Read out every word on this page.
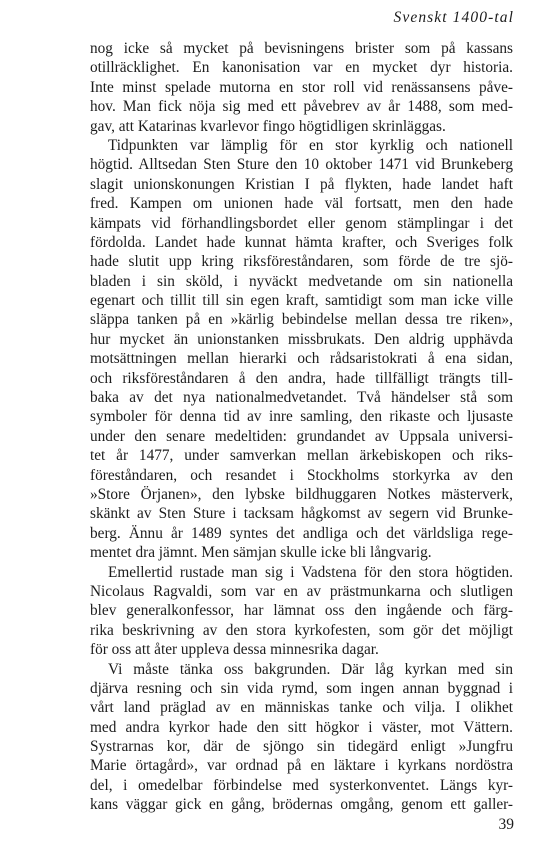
Svenskt 1400-tal
nog icke så mycket på bevisningens brister som på kassans
otillräcklighet. En kanonisation var en mycket dyr historia.
Inte minst spelade mutorna en stor roll vid renässansens påve-
hov. Man fick nöja sig med ett påvebrev av år 1488, som med-
gav, att Katarinas kvarlevor fingo högtidligen skrinläggas.
Tidpunkten var lämplig för en stor kyrklig och nationell
högtid. Alltsedan Sten Sture den 10 oktober 1471 vid Brunkeberg
slagit unionskonungen Kristian I på flykten, hade landet haft
fred. Kampen om unionen hade väl fortsatt, men den hade
kämpats vid förhandlingsbordet eller genom stämplingar i det
fördolda. Landet hade kunnat hämta krafter, och Sveriges folk
hade slutit upp kring riksföreståndaren, som förde de tre sjö-
bladen i sin sköld, i nyväckt medvetande om sin nationella
egenart och tillit till sin egen kraft, samtidigt som man icke ville
släppa tanken på en »kärlig bebindelse mellan dessa tre riken»,
hur mycket än unionstanken missbrukats. Den aldrig upphävda
motsättningen mellan hierarki och rådsaristokrati å ena sidan,
och riksföreståndaren å den andra, hade tillfälligt trängts till-
baka av det nya nationalmedvetandet. Två händelser stå som
symboler för denna tid av inre samling, den rikaste och ljusaste
under den senare medeltiden: grundandet av Uppsala universi-
tet år 1477, under samverkan mellan ärkebiskopen och riks-
föreståndaren, och resandet i Stockholms storkyrka av den
»Store Örjanen», den lybske bildhuggaren Notkes mästerverk,
skänkt av Sten Sture i tacksam hågkomst av segern vid Brunke-
berg. Ännu år 1489 syntes det andliga och det världsliga rege-
mentet dra jämnt. Men sämjan skulle icke bli långvarig.
Emellertid rustade man sig i Vadstena för den stora högtiden.
Nicolaus Ragvaldi, som var en av prästmunkarna och slutligen
blev generalkonfessor, har lämnat oss den ingående och färg-
rika beskrivning av den stora kyrkofesten, som gör det möjligt
för oss att åter uppleva dessa minnesrika dagar.
Vi måste tänka oss bakgrunden. Där låg kyrkan med sin
djärva resning och sin vida rymd, som ingen annan byggnad i
vårt land präglad av en människas tanke och vilja. I olikhet
med andra kyrkor hade den sitt högkor i väster, mot Vättern.
Systrarnas kor, där de sjöngo sin tidegärd enligt »Jungfru
Marie örtagård», var ordnad på en läktare i kyrkans nordöstra
del, i omedelbar förbindelse med systerkonventet. Längs kyr-
kans väggar gick en gång, brödernas omgång, genom ett galler-
39
